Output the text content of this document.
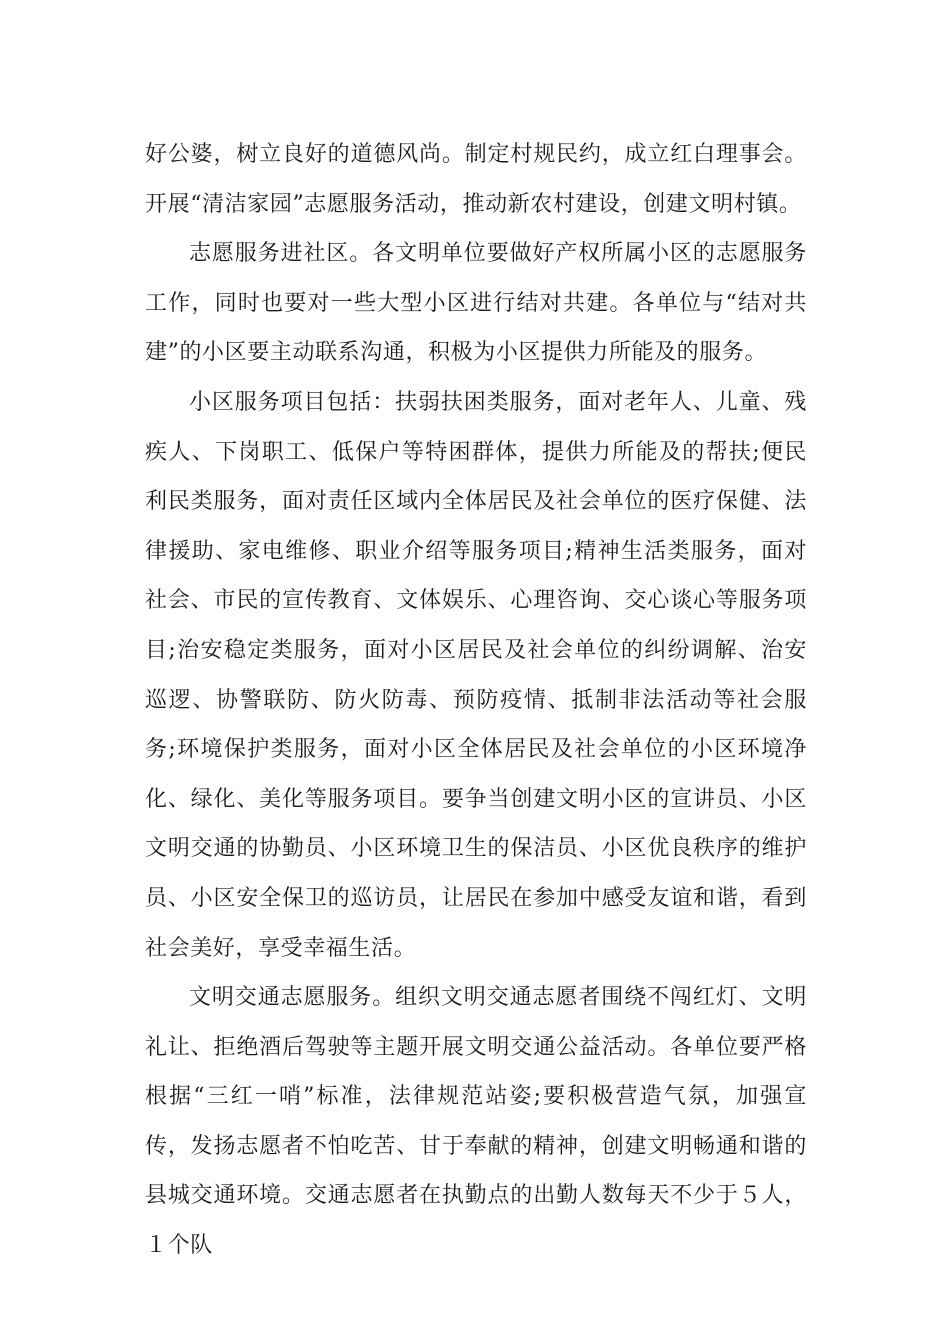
好公婆，树立良好的道德风尚。制定村规民约，成立红白理事会。开展“清洁家园”志愿服务活动，推动新农村建设，创建文明村镇。

志愿服务进社区。各文明单位要做好产权所属小区的志愿服务工作，同时也要对一些大型小区进行结对共建。各单位与“结对共建”的小区要主动联系沟通，积极为小区提供力所能及的服务。

小区服务项目包括：扶弱扶困类服务，面对老年人、儿童、残疾人、下岗职工、低保户等特困群体，提供力所能及的帮扶;便民利民类服务，面对责任区域内全体居民及社会单位的医疗保健、法律援助、家电维修、职业介绍等服务项目;精神生活类服务，面对社会、市民的宣传教育、文体娱乐、心理咨询、交心谈心等服务项目;治安稳定类服务，面对小区居民及社会单位的纠纷调解、治安巡逻、协警联防、防火防毒、预防疫情、抵制非法活动等社会服务;环境保护类服务，面对小区全体居民及社会单位的小区环境净化、绿化、美化等服务项目。要争当创建文明小区的宣讲员、小区文明交通的协勤员、小区环境卫生的保洁员、小区优良秩序的维护员、小区安全保卫的巡访员，让居民在参加中感受友谊和谐，看到社会美好，享受幸福生活。

文明交通志愿服务。组织文明交通志愿者围绕不闯红灯、文明礼让、拒绝酒后驾驶等主题开展文明交通公益活动。各单位要严格根据“三红一哨”标准，法律规范站姿;要积极营造气氛，加强宣传，发扬志愿者不怕吃苦、甘于奉献的精神，创建文明畅通和谐的县城交通环境。交通志愿者在执勤点的出勤人数每天不少于５人，１个队
